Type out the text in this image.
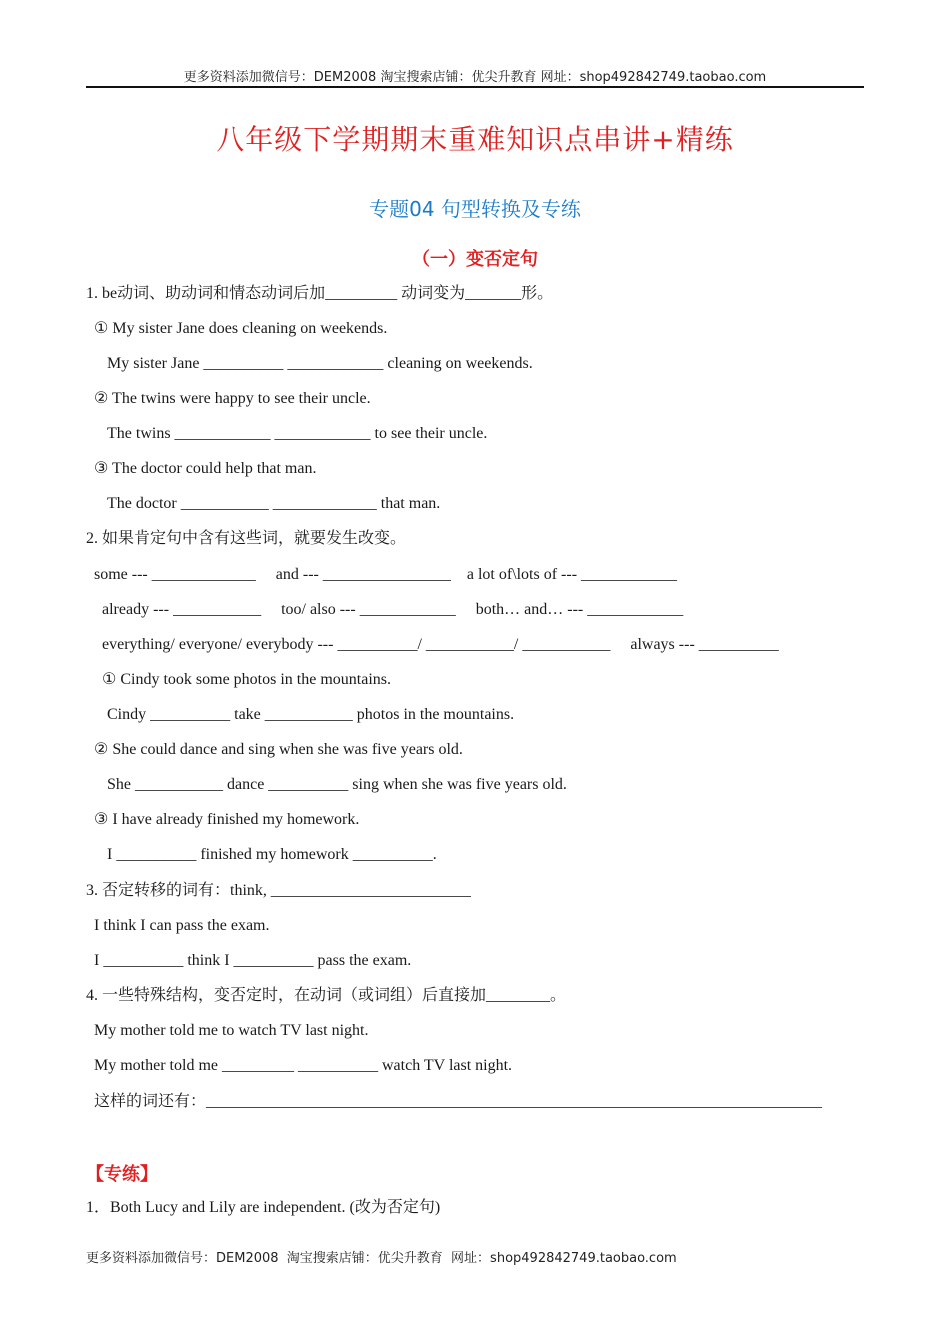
更多资料添加微信号：DEM2008 淘宝搜索店铺：优尖升教育 网址：shop492842749.taobao.com
八年级下学期期末重难知识点串讲+精练
专题04 句型转换及专练
（一）变否定句
1. be动词、助动词和情态动词后加_________ 动词变为_______形。
① My sister Jane does cleaning on weekends.
My sister Jane __________ ____________ cleaning on weekends.
② The twins were happy to see their uncle.
The twins ____________ ____________ to see their uncle.
③ The doctor could help that man.
The doctor ___________ _____________ that man.
2. 如果肯定句中含有这些词，就要发生改变。
some --- _____________     and --- ________________    a lot of\lots of --- ____________
already --- ___________     too/ also --- ____________     both… and… --- ____________
everything/ everyone/ everybody --- __________/ ___________/ ___________     always --- __________
① Cindy took some photos in the mountains.
Cindy __________ take ___________ photos in the mountains.
② She could dance and sing when she was five years old.
She ___________ dance __________ sing when she was five years old.
③ I have already finished my homework.
I __________ finished my homework __________.
3. 否定转移的词有：think, _________________________
I think I can pass the exam.
I __________ think I __________ pass the exam.
4. 一些特殊结构，变否定时，在动词（或词组）后直接加________。
My mother told me to watch TV last night.
My mother told me _________ __________ watch TV last night.
这样的词还有：_____________________________________________________________________________
【专练】
1．Both Lucy and Lily are independent. (改为否定句)
更多资料添加微信号：DEM2008  淘宝搜索店铺：优尖升教育  网址：shop492842749.taobao.com
